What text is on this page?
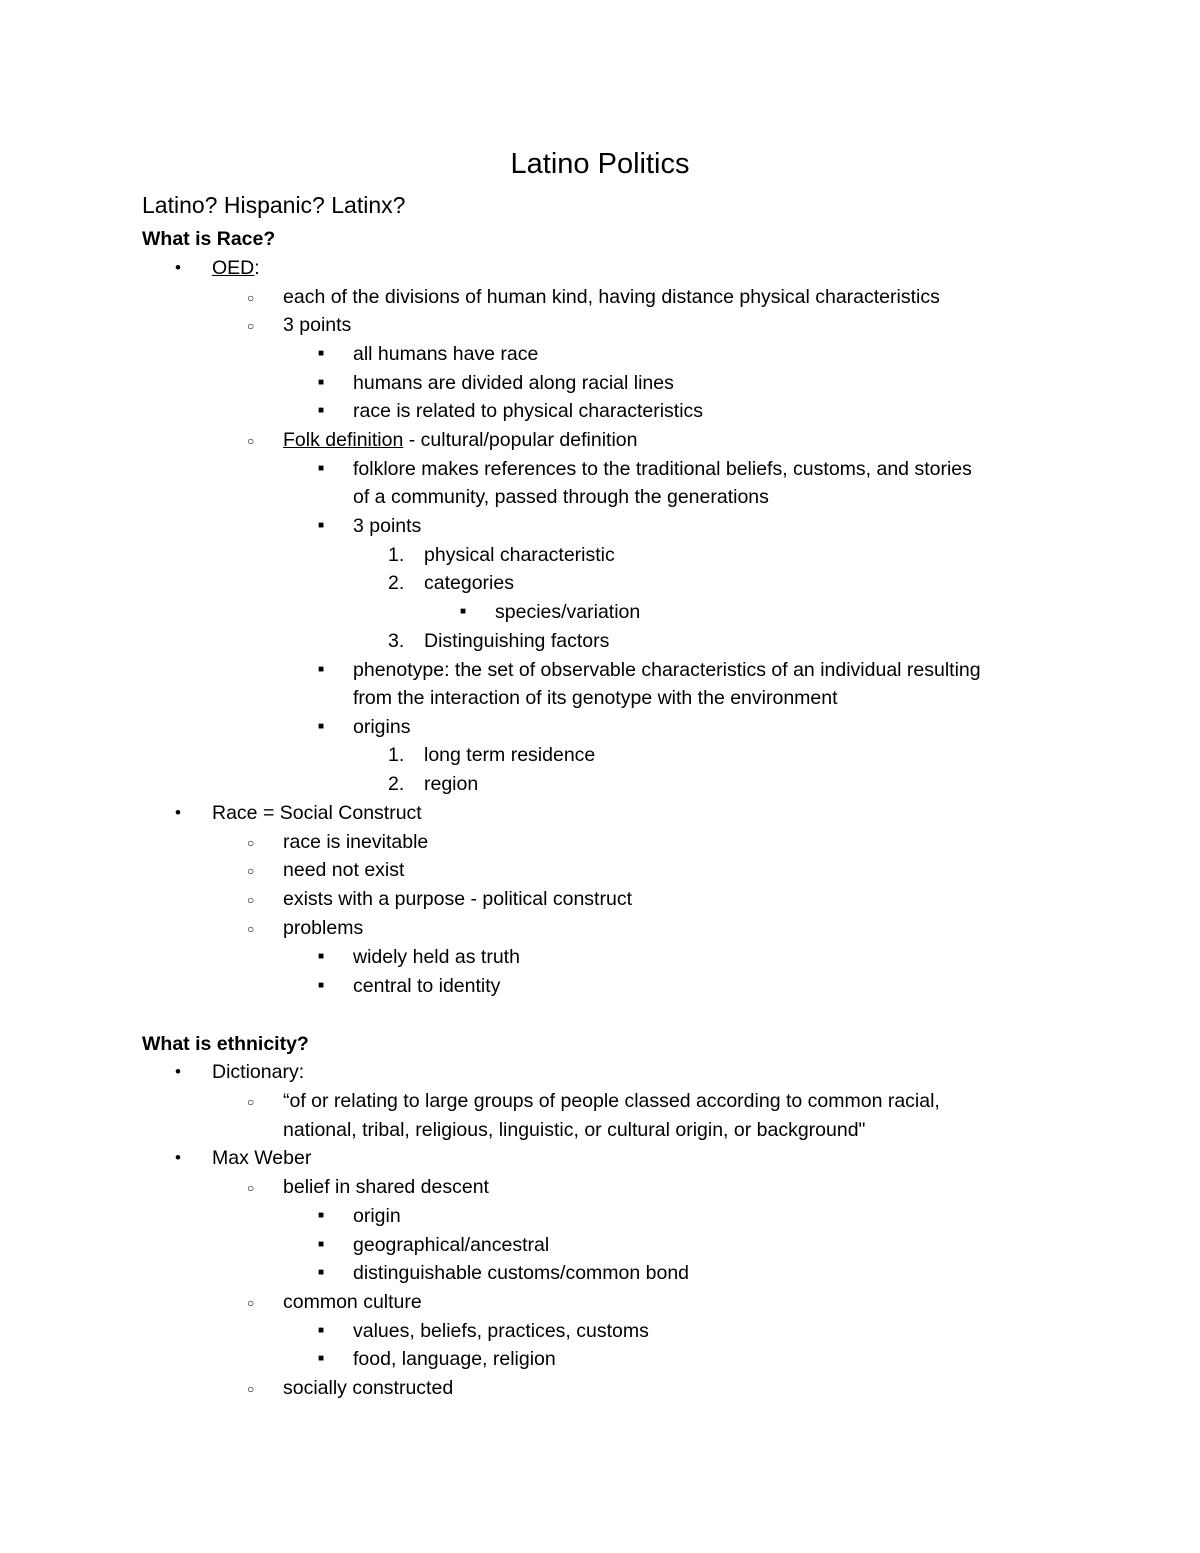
Latino Politics
Latino? Hispanic? Latinx?
What is Race?
• OED:
○ each of the divisions of human kind, having distance physical characteristics
○ 3 points
■ all humans have race
■ humans are divided along racial lines
■ race is related to physical characteristics
○ Folk definition - cultural/popular definition
■ folklore makes references to the traditional beliefs, customs, and stories
of a community, passed through the generations
■ 3 points
1. physical characteristic
2. categories
■ species/variation
3. Distinguishing factors
■ phenotype: the set of observable characteristics of an individual resulting
from the interaction of its genotype with the environment
■ origins
1. long term residence
2. region
• Race = Social Construct
○ race is inevitable
○ need not exist
○ exists with a purpose - political construct
○ problems
■ widely held as truth
■ central to identity
What is ethnicity?
• Dictionary:
○ “of or relating to large groups of people classed according to common racial,
national, tribal, religious, linguistic, or cultural origin, or background"
• Max Weber
○ belief in shared descent
■ origin
■ geographical/ancestral
■ distinguishable customs/common bond
○ common culture
■ values, beliefs, practices, customs
■ food, language, religion
○ socially constructed
